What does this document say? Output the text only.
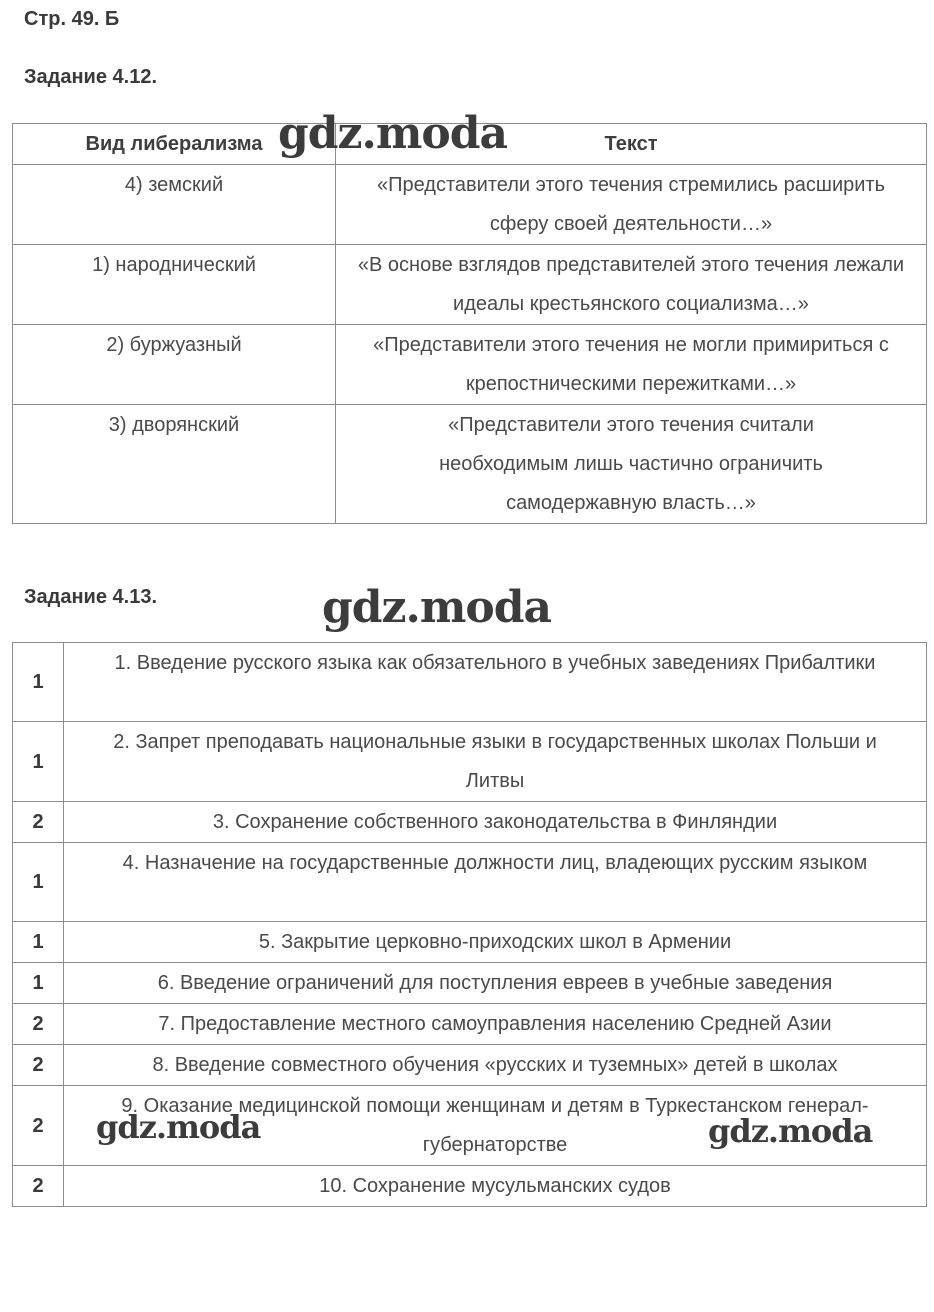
Стр. 49. Б
Задание 4.12.
Вид либерализма	Текст
4) земский	«Представители этого течения стремились расширить сферу своей деятельности…»
1) народнический	«В основе взглядов представителей этого течения лежали идеалы крестьянского социализма…»
2) буржуазный	«Представители этого течения не могли примириться с крепостническими пережитками…»
3) дворянский	«Представители этого течения считали необходимым лишь частично ограничить самодержавную власть…»
Задание 4.13.
1	1. Введение русского языка как обязательного в учебных заведениях Прибалтики
1	2. Запрет преподавать национальные языки в государственных школах Польши и Литвы
2	3. Сохранение собственного законодательства в Финляндии
1	4. Назначение на государственные должности лиц, владеющих русским языком
1	5. Закрытие церковно-приходских школ в Армении
1	6. Введение ограничений для поступления евреев в учебные заведения
2	7. Предоставление местного самоуправления населению Средней Азии
2	8. Введение совместного обучения «русских и туземных» детей в школах
2	9. Оказание медицинской помощи женщинам и детям в Туркестанском генерал-губернаторстве
2	10. Сохранение мусульманских судов
gdz.moda
gdz.moda
gdz.moda	gdz.moda
